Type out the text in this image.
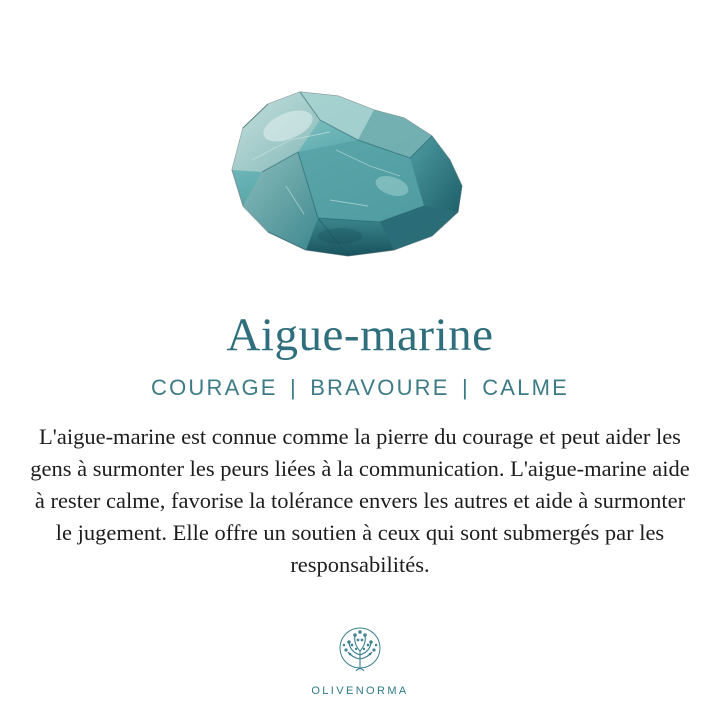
Aigue-marine
COURAGE | BRAVOURE | CALME

L'aigue-marine est connue comme la pierre du courage et peut aider les gens à surmonter les peurs liées à la communication. L'aigue-marine aide à rester calme, favorise la tolérance envers les autres et aide à surmonter le jugement. Elle offre un soutien à ceux qui sont submergés par les responsabilités.

OLIVENORMA
